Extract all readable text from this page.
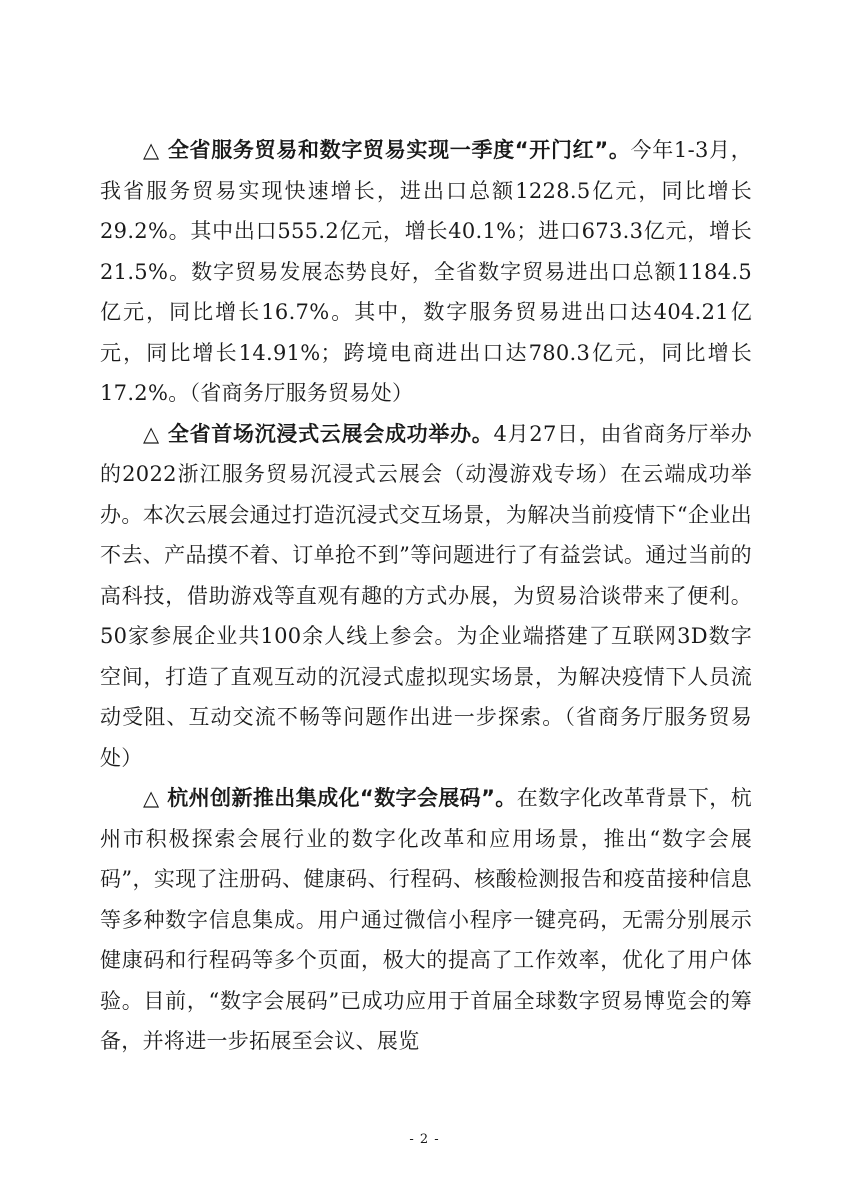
△ 全省服务贸易和数字贸易实现一季度“开门红”。今年1-3月，我省服务贸易实现快速增长，进出口总额1228.5亿元，同比增长29.2%。其中出口555.2亿元，增长40.1%；进口673.3亿元，增长21.5%。数字贸易发展态势良好，全省数字贸易进出口总额1184.5亿元，同比增长16.7%。其中，数字服务贸易进出口达404.21亿元，同比增长14.91%；跨境电商进出口达780.3亿元，同比增长17.2%。（省商务厅服务贸易处）

△ 全省首场沉浸式云展会成功举办。4月27日，由省商务厅举办的2022浙江服务贸易沉浸式云展会（动漫游戏专场）在云端成功举办。本次云展会通过打造沉浸式交互场景，为解决当前疫情下“企业出不去、产品摸不着、订单抢不到”等问题进行了有益尝试。通过当前的高科技，借助游戏等直观有趣的方式办展，为贸易洽谈带来了便利。50家参展企业共100余人线上参会。为企业端搭建了互联网3D数字空间，打造了直观互动的沉浸式虚拟现实场景，为解决疫情下人员流动受阻、互动交流不畅等问题作出进一步探索。（省商务厅服务贸易处）

△ 杭州创新推出集成化“数字会展码”。在数字化改革背景下，杭州市积极探索会展行业的数字化改革和应用场景，推出“数字会展码”，实现了注册码、健康码、行程码、核酸检测报告和疫苗接种信息等多种数字信息集成。用户通过微信小程序一键亮码，无需分别展示健康码和行程码等多个页面，极大的提高了工作效率，优化了用户体验。目前，“数字会展码”已成功应用于首届全球数字贸易博览会的筹备，并将进一步拓展至会议、展览

- 2 -
